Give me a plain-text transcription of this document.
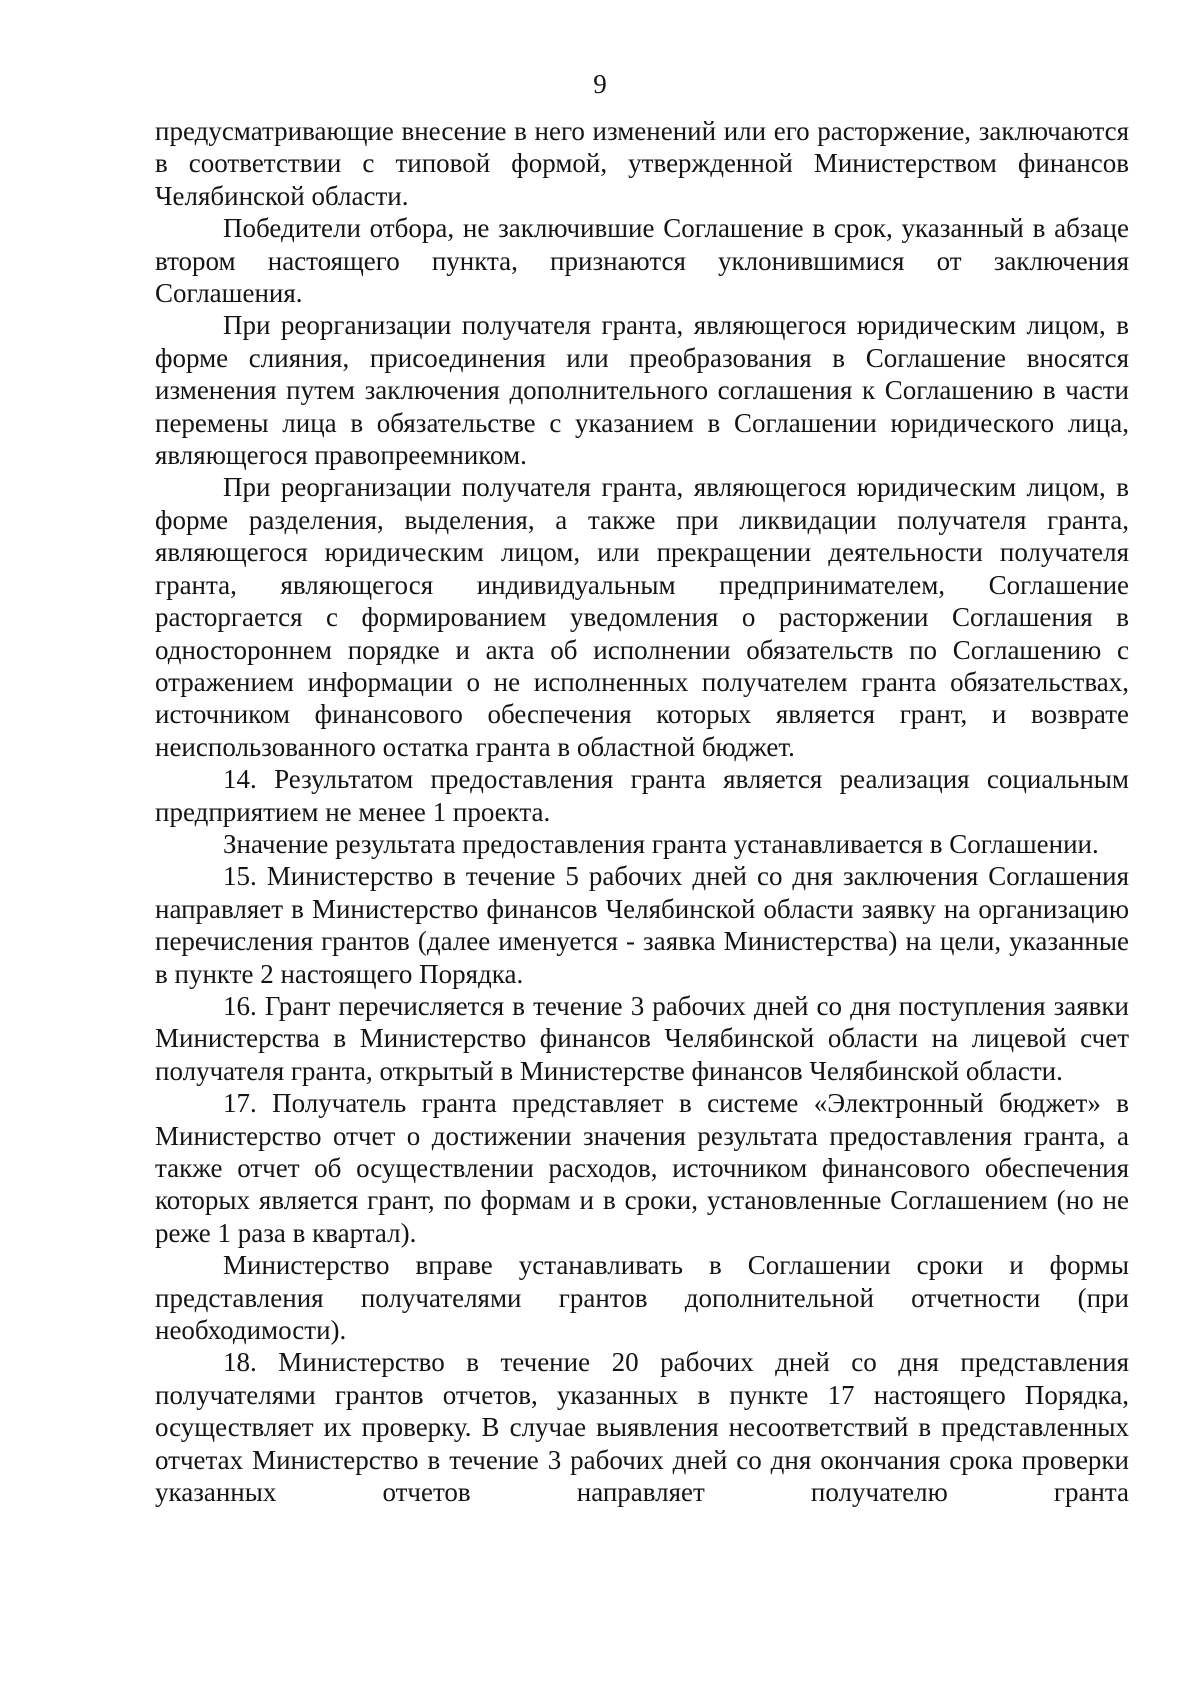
9

предусматривающие внесение в него изменений или его расторжение, заключаются в соответствии с типовой формой, утвержденной Министерством финансов Челябинской области.

Победители отбора, не заключившие Соглашение в срок, указанный в абзаце втором настоящего пункта, признаются уклонившимися от заключения Соглашения.

При реорганизации получателя гранта, являющегося юридическим лицом, в форме слияния, присоединения или преобразования в Соглашение вносятся изменения путем заключения дополнительного соглашения к Соглашению в части перемены лица в обязательстве с указанием в Соглашении юридического лица, являющегося правопреемником.

При реорганизации получателя гранта, являющегося юридическим лицом, в форме разделения, выделения, а также при ликвидации получателя гранта, являющегося юридическим лицом, или прекращении деятельности получателя гранта, являющегося индивидуальным предпринимателем, Соглашение расторгается с формированием уведомления о расторжении Соглашения в одностороннем порядке и акта об исполнении обязательств по Соглашению с отражением информации о не исполненных получателем гранта обязательствах, источником финансового обеспечения которых является грант, и возврате неиспользованного остатка гранта в областной бюджет.

14. Результатом предоставления гранта является реализация социальным предприятием не менее 1 проекта.

Значение результата предоставления гранта устанавливается в Соглашении.

15. Министерство в течение 5 рабочих дней со дня заключения Соглашения направляет в Министерство финансов Челябинской области заявку на организацию перечисления грантов (далее именуется - заявка Министерства) на цели, указанные в пункте 2 настоящего Порядка.

16. Грант перечисляется в течение 3 рабочих дней со дня поступления заявки Министерства в Министерство финансов Челябинской области на лицевой счет получателя гранта, открытый в Министерстве финансов Челябинской области.

17. Получатель гранта представляет в системе «Электронный бюджет» в Министерство отчет о достижении значения результата предоставления гранта, а также отчет об осуществлении расходов, источником финансового обеспечения которых является грант, по формам и в сроки, установленные Соглашением (но не реже 1 раза в квартал).

Министерство вправе устанавливать в Соглашении сроки и формы представления получателями грантов дополнительной отчетности (при необходимости).

18. Министерство в течение 20 рабочих дней со дня представления получателями грантов отчетов, указанных в пункте 17 настоящего Порядка, осуществляет их проверку. В случае выявления несоответствий в представленных отчетах Министерство в течение 3 рабочих дней со дня окончания срока проверки указанных отчетов направляет получателю гранта
